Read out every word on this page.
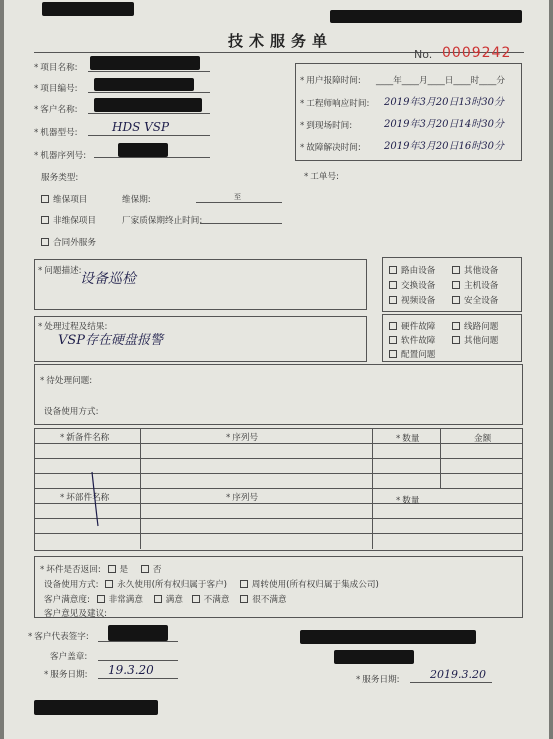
技术服务单
No. 0009242
* 项目名称:
* 项目编号:
* 客户名称:
* 机器型号:	HDS VSP
* 机器序列号:
* 用户报障时间: ____年____月____日____时____分
* 工程师响应时间: 2019年3月20日13时30分
* 到现场时间:	2019年3月20日14时30分
* 故障解决时间: 2019年3月20日16时30分
服务类型:	* 工单号:
维保项目	维保期:	至
非维保项目	厂家质保期终止时间:
合同外服务
* 问题描述:
设备巡检	路由设备	其他设备
交换设备	主机设备
视频设备	安全设备
* 处理过程及结果:
VSP存在硬盘报警
硬件故障	线路问题
软件故障	其他问题
配置问题
* 待处理问题:
设备使用方式:
* 新备件名称	* 序列号	* 数量	金额
* 坏部件名称	* 序列号	* 数量
* 坏件是否返回: 是	否
设备使用方式: 永久使用(所有权归属于客户)	周转使用(所有权归属于集成公司)
客户满意度: 非常满意	满意 不满意	很不满意
客户意见及建议:
* 客户代表签字:
客户盖章:
* 服务日期: 19.3.20
* 服务日期:	2019.3.20
